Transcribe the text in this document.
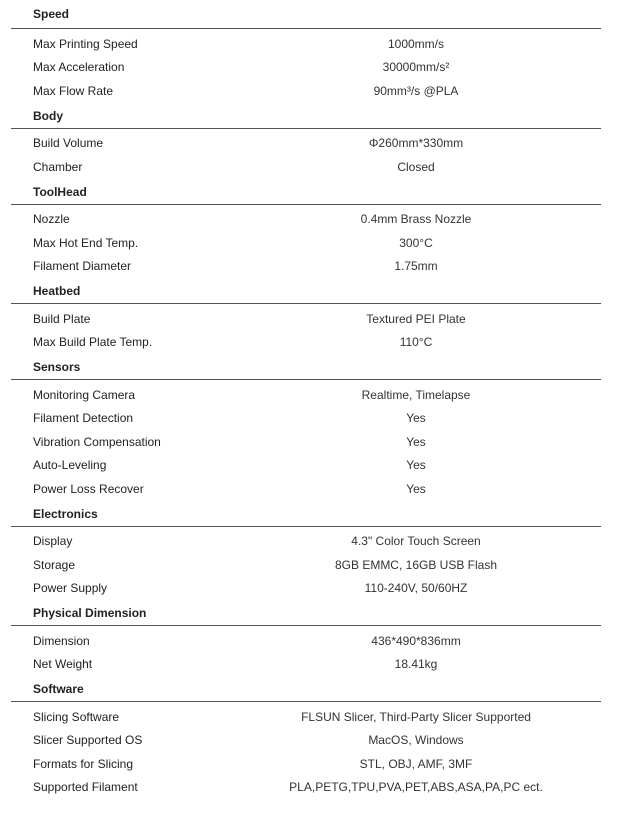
Speed
Max Printing Speed	1000mm/s
Max Acceleration	30000mm/s²
Max Flow Rate	90mm³/s @PLA
Body
Build Volume	Φ260mm*330mm
Chamber	Closed
ToolHead
Nozzle	0.4mm Brass Nozzle
Max Hot End Temp.	300°C
Filament Diameter	1.75mm
Heatbed
Build Plate	Textured PEI Plate
Max Build Plate Temp.	110°C
Sensors
Monitoring Camera	Realtime, Timelapse
Filament Detection	Yes
Vibration Compensation	Yes
Auto-Leveling	Yes
Power Loss Recover	Yes
Electronics
Display	4.3" Color Touch Screen
Storage	8GB EMMC, 16GB USB Flash
Power Supply	110-240V, 50/60HZ
Physical Dimension
Dimension	436*490*836mm
Net Weight	18.41kg
Software
Slicing Software	FLSUN Slicer, Third-Party Slicer Supported
Slicer Supported OS	MacOS, Windows
Formats for Slicing	STL, OBJ, AMF, 3MF
Supported Filament	PLA,PETG,TPU,PVA,PET,ABS,ASA,PA,PC ect.
